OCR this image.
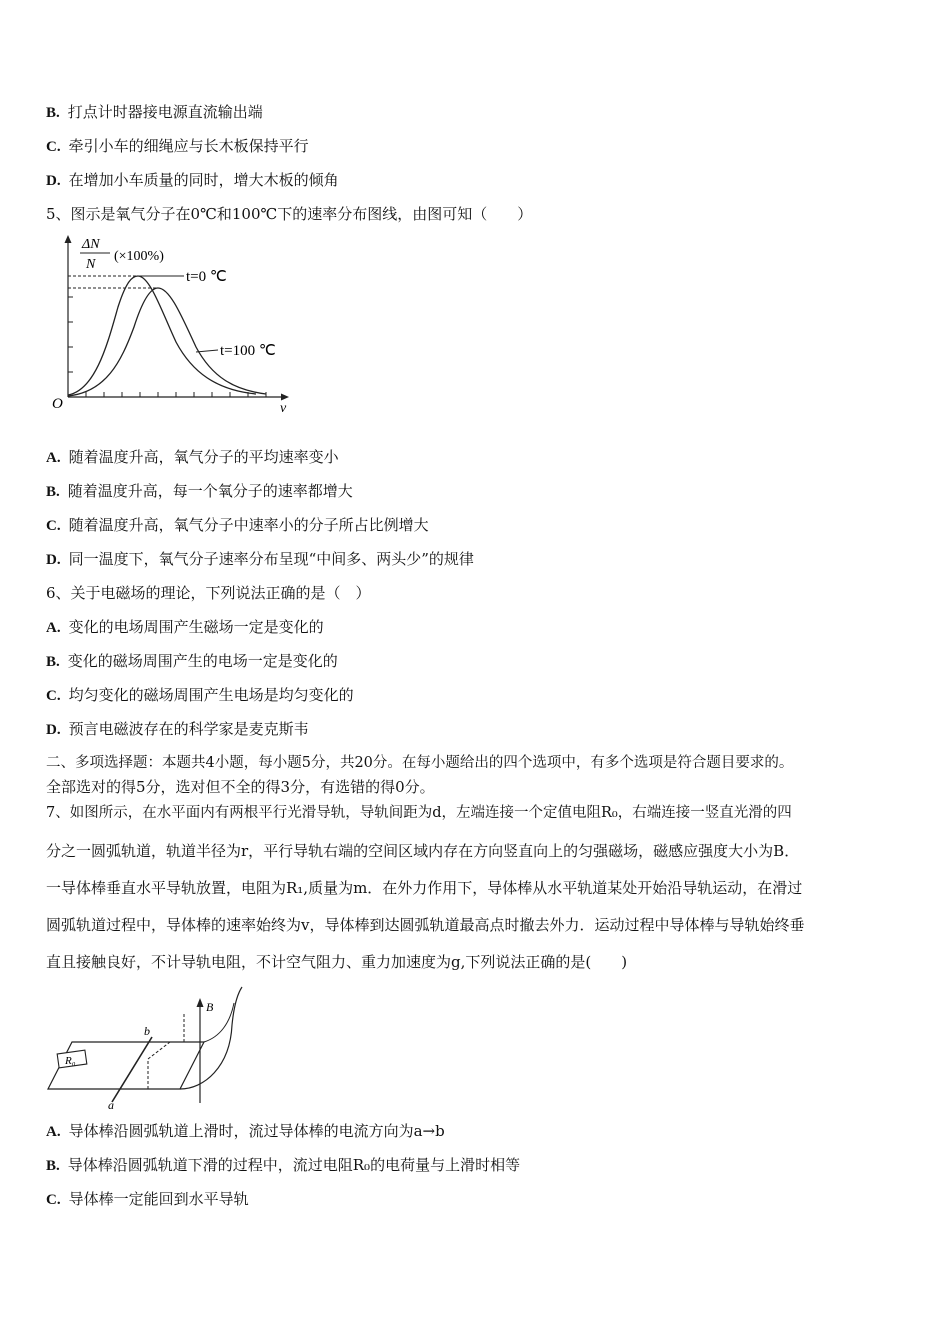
B. 打点计时器接电源直流输出端
C. 牵引小车的细绳应与长木板保持平行
D. 在增加小车质量的同时，增大木板的倾角
5、图示是氧气分子在0℃和100℃下的速率分布图线，由图可知（　　）
ΔN
N
(×100%)
t=0 ℃
t=100 ℃
O	v
A. 随着温度升高，氧气分子的平均速率变小
B. 随着温度升高，每一个氧分子的速率都增大
C. 随着温度升高，氧气分子中速率小的分子所占比例增大
D. 同一温度下，氧气分子速率分布呈现“中间多、两头少”的规律
6、关于电磁场的理论，下列说法正确的是（　）
A. 变化的电场周围产生磁场一定是变化的
B. 变化的磁场周围产生的电场一定是变化的
C. 均匀变化的磁场周围产生电场是均匀变化的
D. 预言电磁波存在的科学家是麦克斯韦
二、多项选择题：本题共4小题，每小题5分，共20分。在每小题给出的四个选项中，有多个选项是符合题目要求的。
全部选对的得5分，选对但不全的得3分，有选错的得0分。
7、如图所示，在水平面内有两根平行光滑导轨，导轨间距为d，左端连接一个定值电阻R₀，右端连接一竖直光滑的四
分之一圆弧轨道，轨道半径为r，平行导轨右端的空间区域内存在方向竖直向上的匀强磁场，磁感应强度大小为B．
一导体棒垂直水平导轨放置，电阻为R₁,质量为m．在外力作用下，导体棒从水平轨道某处开始沿导轨运动，在滑过
圆弧轨道过程中，导体棒的速率始终为v，导体棒到达圆弧轨道最高点时撤去外力．运动过程中导体棒与导轨始终垂
直且接触良好，不计导轨电阻，不计空气阻力、重力加速度为g,下列说法正确的是(　　)
R₀
b
a
B
A. 导体棒沿圆弧轨道上滑时，流过导体棒的电流方向为a→b
B. 导体棒沿圆弧轨道下滑的过程中，流过电阻R₀的电荷量与上滑时相等
C. 导体棒一定能回到水平导轨
